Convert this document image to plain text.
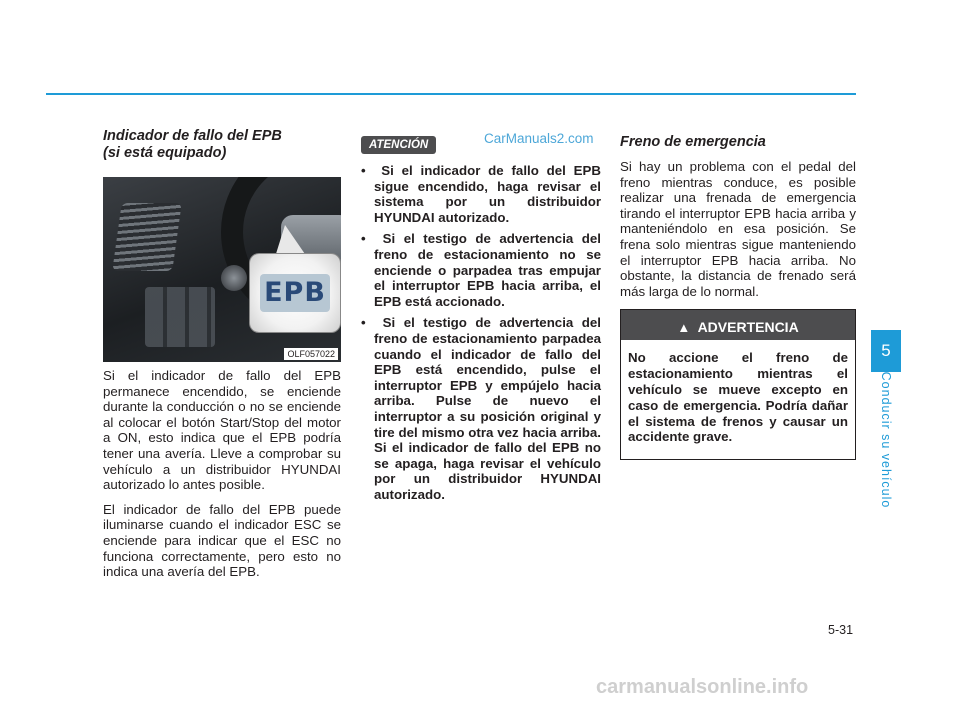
Indicador de fallo del EPB
(si está equipado)

EPB
OLF057022

Si el indicador de fallo del EPB permanece encendido, se enciende durante la conducción o no se enciende al colocar el botón Start/Stop del motor a ON, esto indica que el EPB podría tener una avería. Lleve a comprobar su vehículo a un distribuidor HYUNDAI autorizado lo antes posible.

El indicador de fallo del EPB puede iluminarse cuando el indicador ESC se enciende para indicar que el ESC no funciona correctamente, pero esto no indica una avería del EPB.

ATENCIÓN

•  Si el indicador de fallo del EPB sigue encendido, haga revisar el sistema por un distribuidor HYUNDAI autorizado.

•  Si el testigo de advertencia del freno de estacionamiento no se enciende o parpadea tras empujar el interruptor EPB hacia arriba, el EPB está accionado.

•  Si el testigo de advertencia del freno de estacionamiento parpadea cuando el indicador de fallo del EPB está encendido, pulse el interruptor EPB y empújelo hacia arriba. Pulse de nuevo el interruptor a su posición original y tire del mismo otra vez hacia arriba. Si el indicador de fallo del EPB no se apaga, haga revisar el vehículo por un distribuidor HYUNDAI autorizado.

CarManuals2.com Freno de emergencia

Si hay un problema con el pedal del freno mientras conduce, es posible realizar una frenada de emergencia tirando el interruptor EPB hacia arriba y manteniéndolo en esa posición. Se frena solo mientras sigue manteniendo el interruptor EPB hacia arriba. No obstante, la distancia de frenado será más larga de lo normal.

▲ ADVERTENCIA
No accione el freno de estacionamiento mientras el vehículo se mueve excepto en caso de emergencia. Podría dañar el sistema de frenos y causar un accidente grave.
5
Conducir su vehículo
5-31
carmanualsonline.info
